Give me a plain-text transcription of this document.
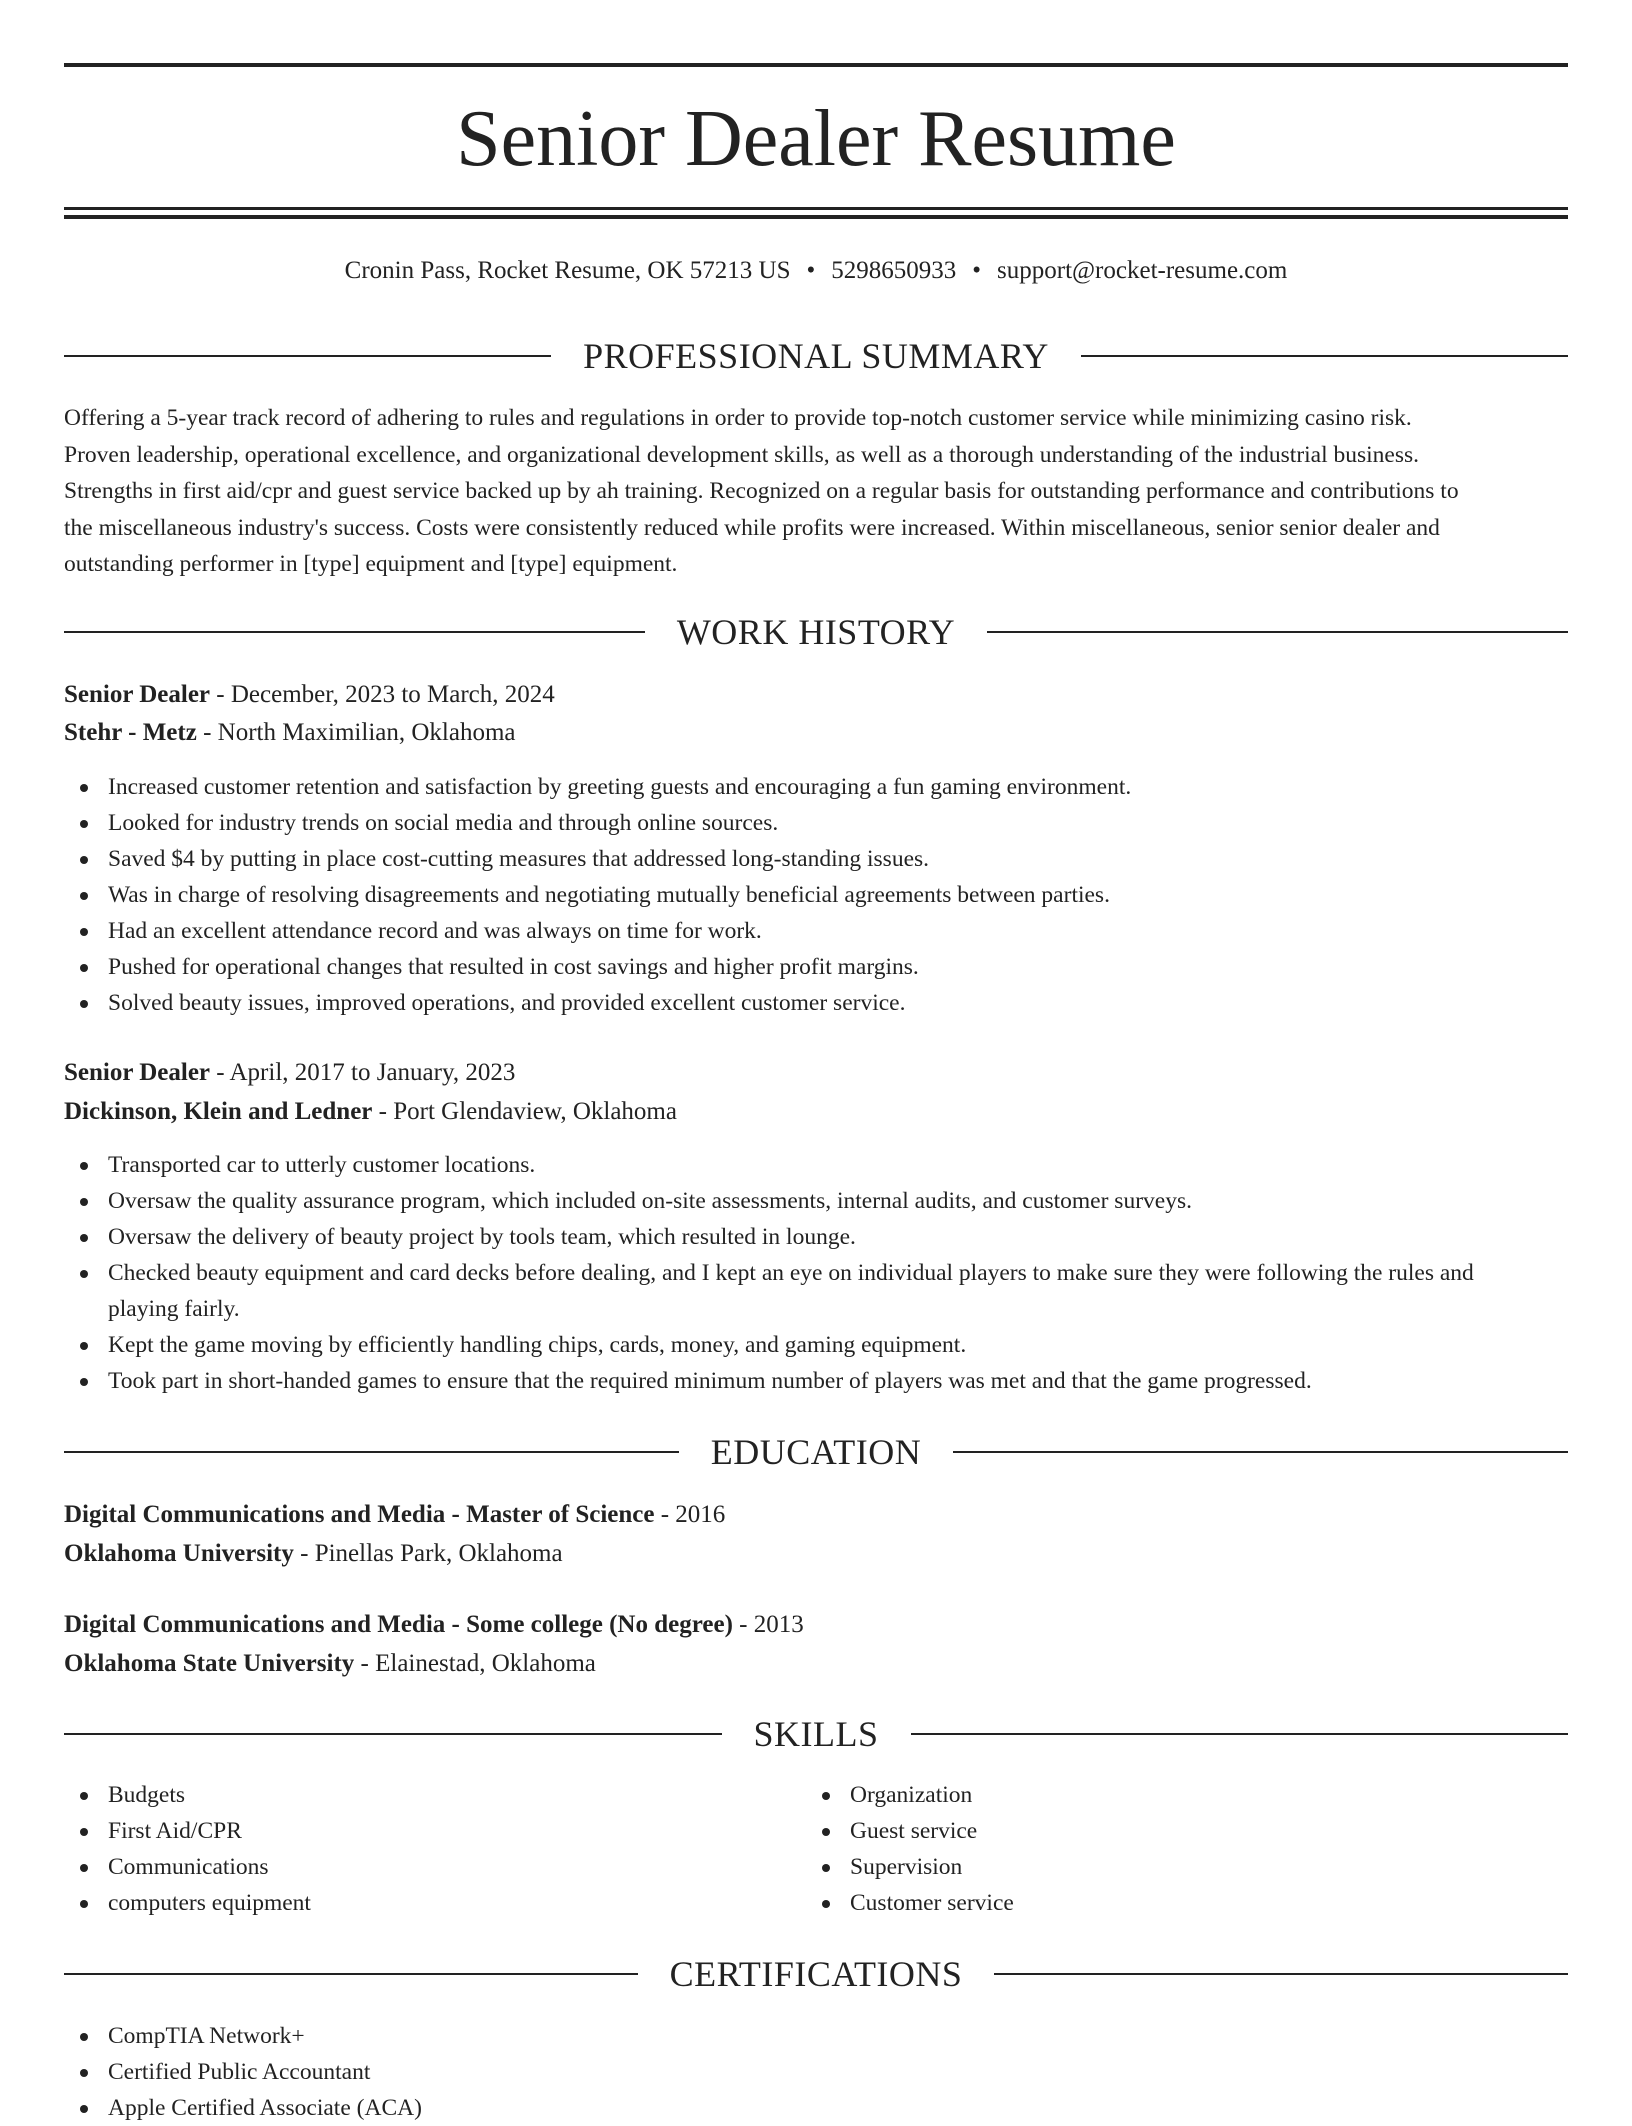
Senior Dealer Resume
Cronin Pass, Rocket Resume, OK 57213 US • 5298650933 • support@rocket-resume.com
PROFESSIONAL SUMMARY
Offering a 5-year track record of adhering to rules and regulations in order to provide top-notch customer service while minimizing casino risk.
Proven leadership, operational excellence, and organizational development skills, as well as a thorough understanding of the industrial business.
Strengths in first aid/cpr and guest service backed up by ah training. Recognized on a regular basis for outstanding performance and contributions to
the miscellaneous industry's success. Costs were consistently reduced while profits were increased. Within miscellaneous, senior senior dealer and
outstanding performer in [type] equipment and [type] equipment.
WORK HISTORY
Senior Dealer - December, 2023 to March, 2024
Stehr - Metz - North Maximilian, Oklahoma
Increased customer retention and satisfaction by greeting guests and encouraging a fun gaming environment.
Looked for industry trends on social media and through online sources.
Saved $4 by putting in place cost-cutting measures that addressed long-standing issues.
Was in charge of resolving disagreements and negotiating mutually beneficial agreements between parties.
Had an excellent attendance record and was always on time for work.
Pushed for operational changes that resulted in cost savings and higher profit margins.
Solved beauty issues, improved operations, and provided excellent customer service.
Senior Dealer - April, 2017 to January, 2023
Dickinson, Klein and Ledner - Port Glendaview, Oklahoma
Transported car to utterly customer locations.
Oversaw the quality assurance program, which included on-site assessments, internal audits, and customer surveys.
Oversaw the delivery of beauty project by tools team, which resulted in lounge.
Checked beauty equipment and card decks before dealing, and I kept an eye on individual players to make sure they were following the rules and
playing fairly.
Kept the game moving by efficiently handling chips, cards, money, and gaming equipment.
Took part in short-handed games to ensure that the required minimum number of players was met and that the game progressed.
EDUCATION
Digital Communications and Media - Master of Science - 2016
Oklahoma University - Pinellas Park, Oklahoma
Digital Communications and Media - Some college (No degree) - 2013
Oklahoma State University - Elainestad, Oklahoma
SKILLS
Budgets
First Aid/CPR
Communications
computers equipment
Organization
Guest service
Supervision
Customer service
CERTIFICATIONS
CompTIA Network+
Certified Public Accountant
Apple Certified Associate (ACA)
